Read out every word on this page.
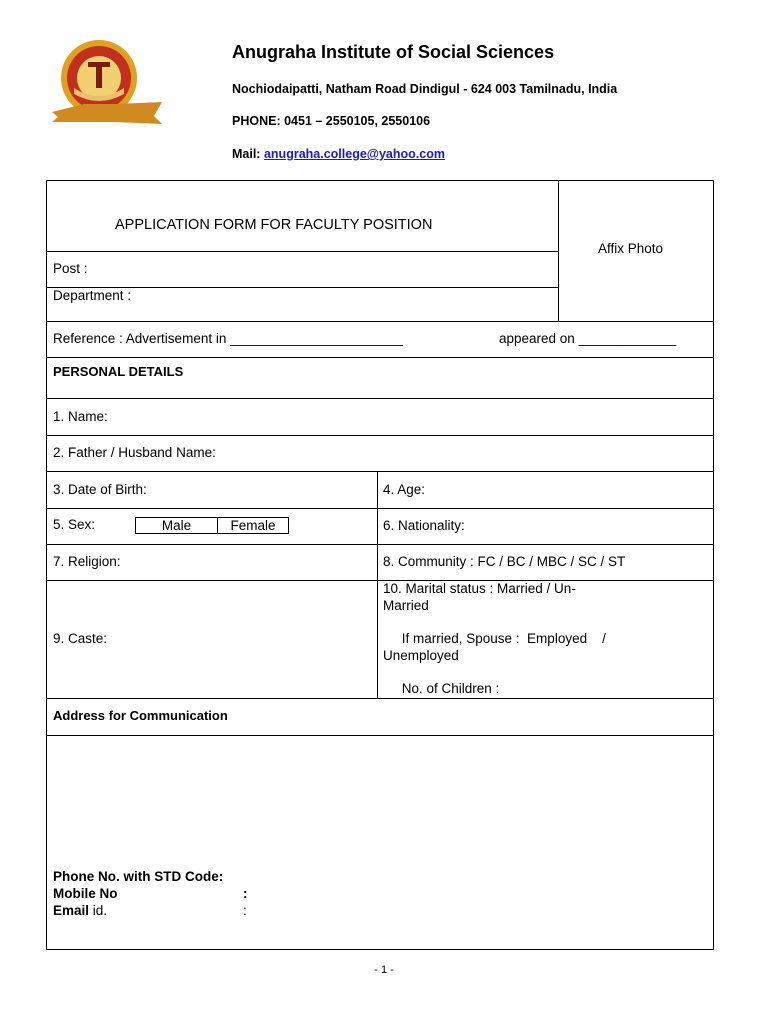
Anugraha Institute of Social Sciences
Nochiodaipatti, Natham Road Dindigul - 624 003 Tamilnadu, India
PHONE: 0451 – 2550105, 2550106
Mail: anugraha.college@yahoo.com
APPLICATION FORM FOR FACULTY POSITION
Affix Photo
Post :
Department :
Reference : Advertisement in _______________________	appeared on _____________
PERSONAL DETAILS
1. Name:
2. Father / Husband Name:
3. Date of Birth:	4. Age:
5. Sex:	Male	Female	6. Nationality:
7. Religion:	8. Community : FC / BC / MBC / SC / ST
9. Caste:
10. Marital status : Married / Un-
Married
If married, Spouse :  Employed    /
Unemployed
No. of Children :
Address for Communication
Phone No. with STD Code:
Mobile No	:
Email id.	:
- 1 -
